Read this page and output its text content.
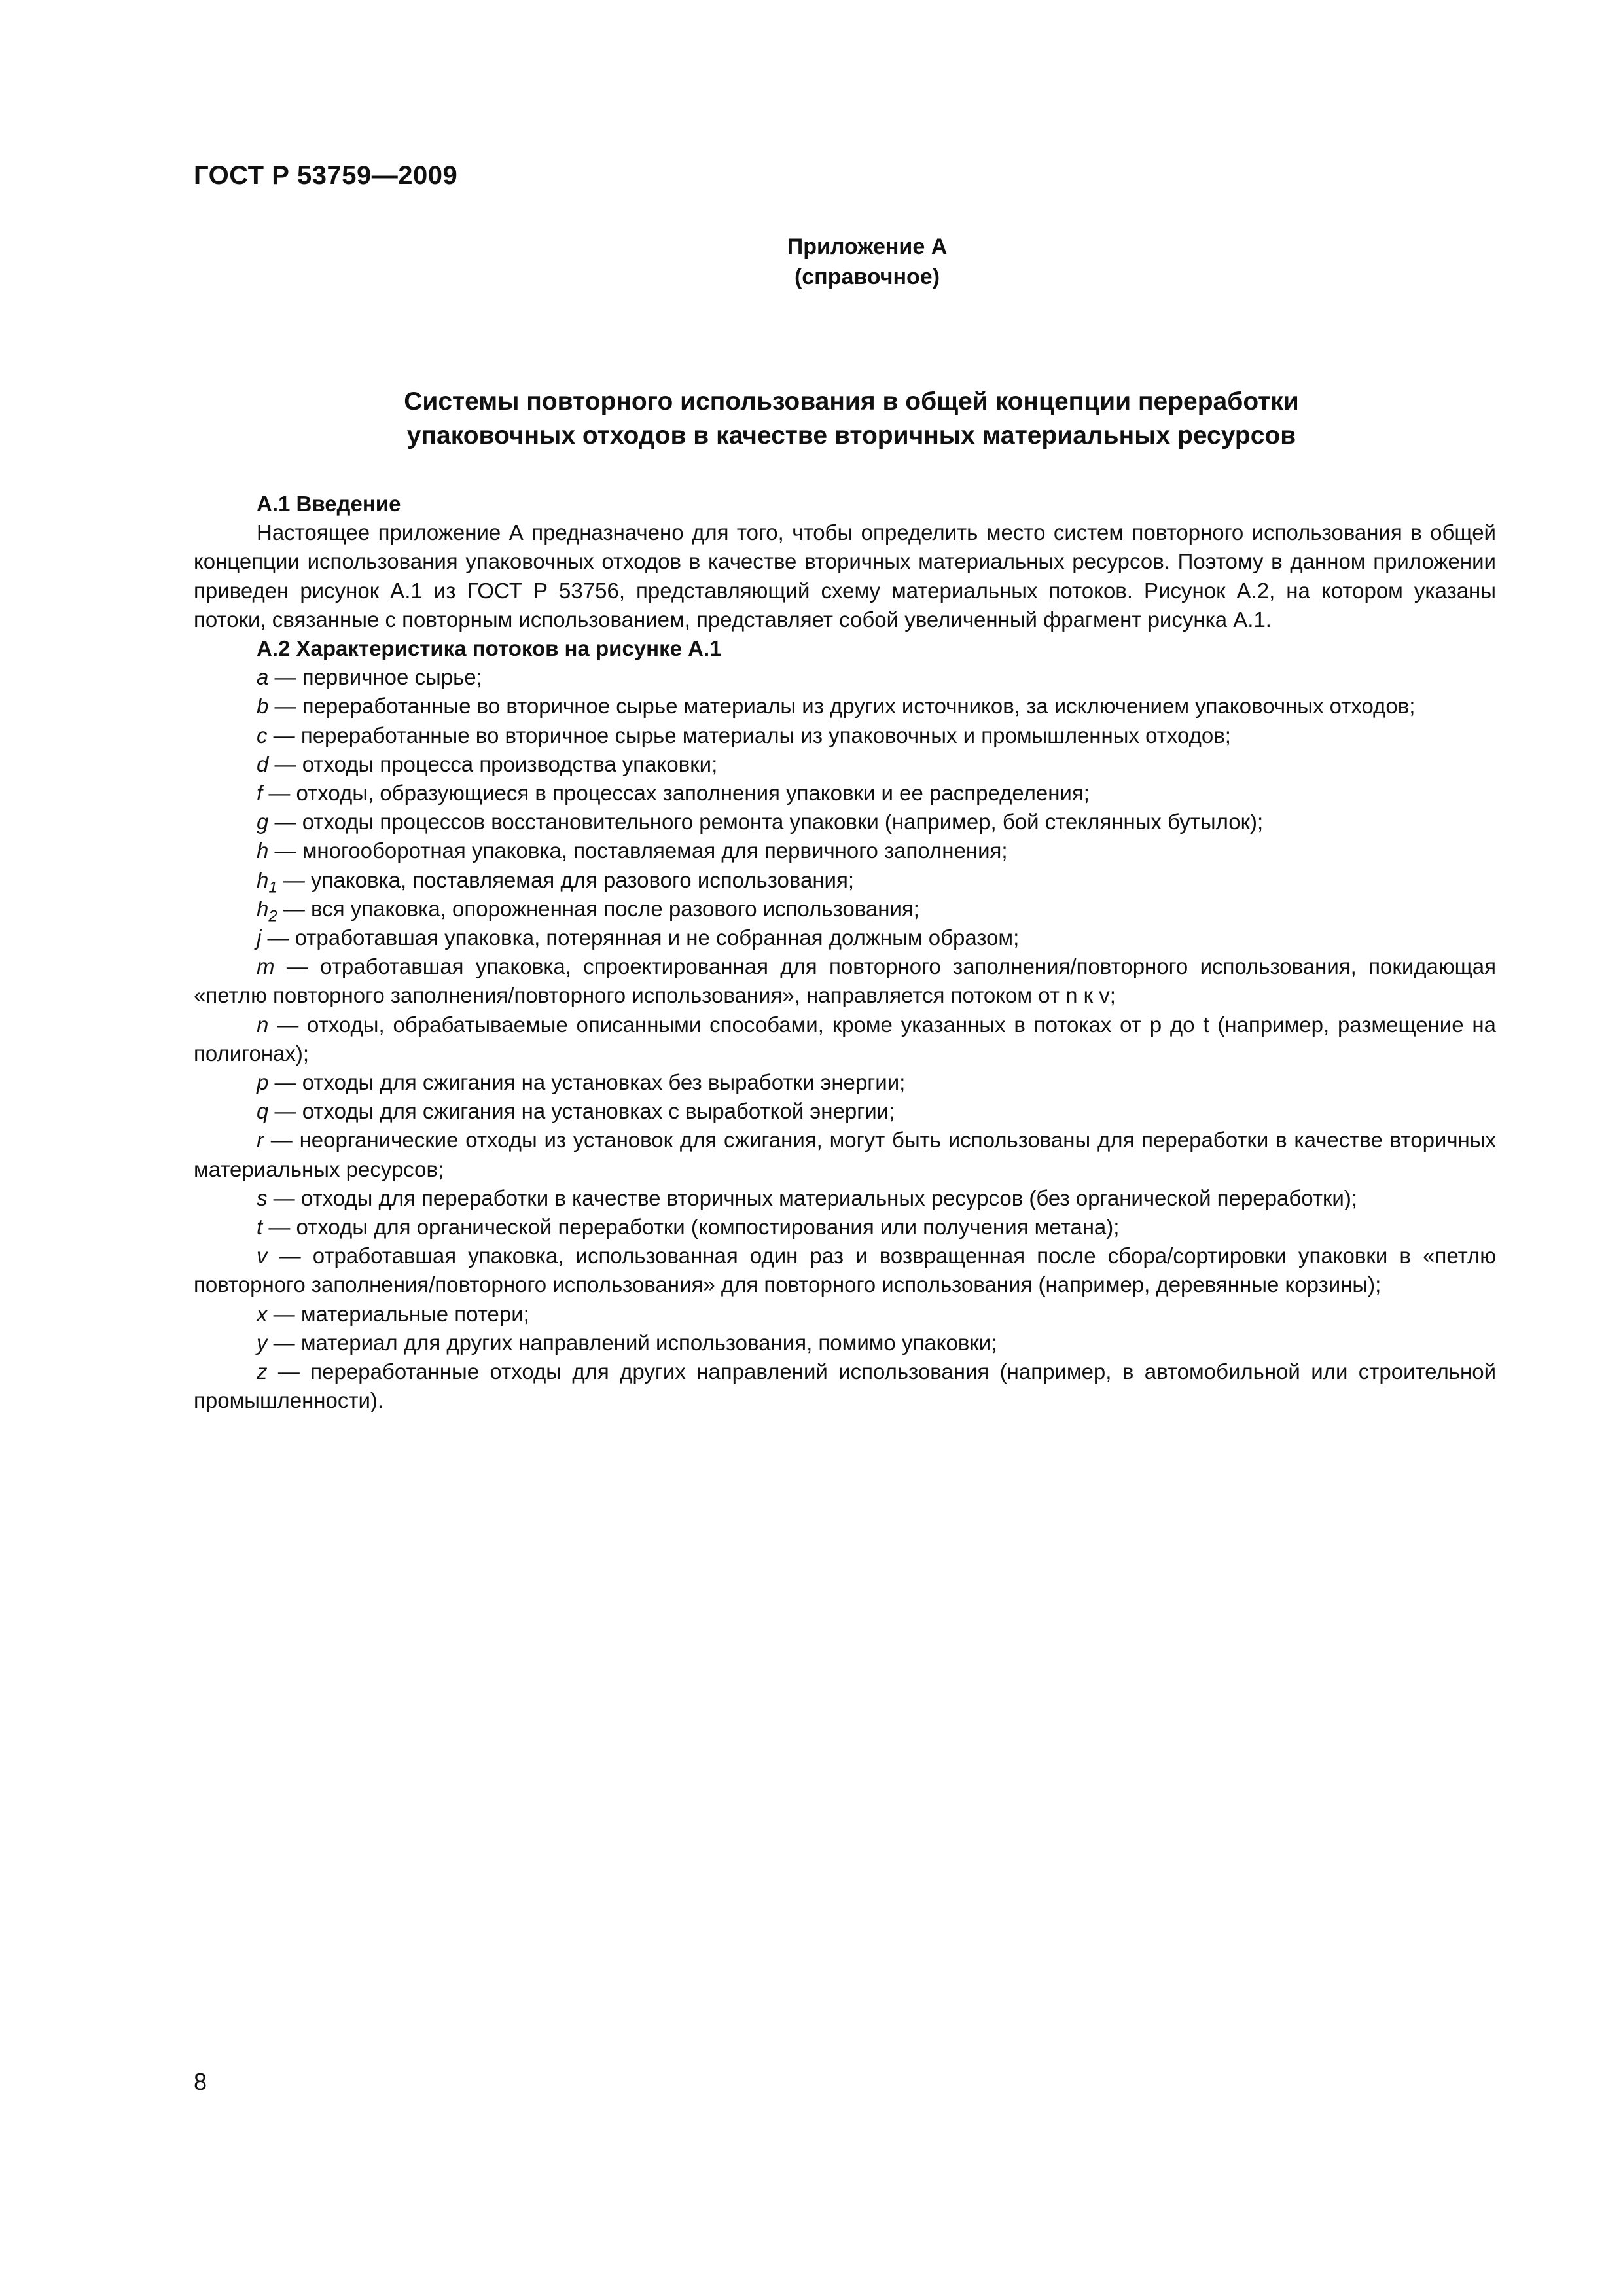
ГОСТ Р 53759—2009
Приложение А
(справочное)
Системы повторного использования в общей концепции переработки
упаковочных отходов в качестве вторичных материальных ресурсов

А.1 Введение

Настоящее приложение А предназначено для того, чтобы определить место систем повторного использования в общей концепции использования упаковочных отходов в качестве вторичных материальных ресурсов. Поэтому в данном приложении приведен рисунок А.1 из ГОСТ Р 53756, представляющий схему материальных потоков. Рисунок А.2, на котором указаны потоки, связанные с повторным использованием, представляет собой увеличенный фрагмент рисунка А.1.

А.2 Характеристика потоков на рисунке А.1

a — первичное сырье;

b — переработанные во вторичное сырье материалы из других источников, за исключением упаковочных отходов;

c — переработанные во вторичное сырье материалы из упаковочных и промышленных отходов;

d — отходы процесса производства упаковки;

f — отходы, образующиеся в процессах заполнения упаковки и ее распределения;

g — отходы процессов восстановительного ремонта упаковки (например, бой стеклянных бутылок);

h — многооборотная упаковка, поставляемая для первичного заполнения;

$h_1$ — упаковка, поставляемая для разового использования;

$h_2$ — вся упаковка, опорожненная после разового использования;

j — отработавшая упаковка, потерянная и не собранная должным образом;

m — отработавшая упаковка, спроектированная для повторного заполнения/повторного использования, покидающая «петлю повторного заполнения/повторного использования», направляется потоком от n к v;

n — отходы, обрабатываемые описанными способами, кроме указанных в потоках от p до t (например, размещение на полигонах);

p — отходы для сжигания на установках без выработки энергии;

q — отходы для сжигания на установках с выработкой энергии;

r — неорганические отходы из установок для сжигания, могут быть использованы для переработки в качестве вторичных материальных ресурсов;

s — отходы для переработки в качестве вторичных материальных ресурсов (без органической переработки);

t — отходы для органической переработки (компостирования или получения метана);

v — отработавшая упаковка, использованная один раз и возвращенная после сбора/сортировки упаковки в «петлю повторного заполнения/повторного использования» для повторного использования (например, деревянные корзины);

x — материальные потери;

y — материал для других направлений использования, помимо упаковки;

z — переработанные отходы для других направлений использования (например, в автомобильной или строительной промышленности).

8
